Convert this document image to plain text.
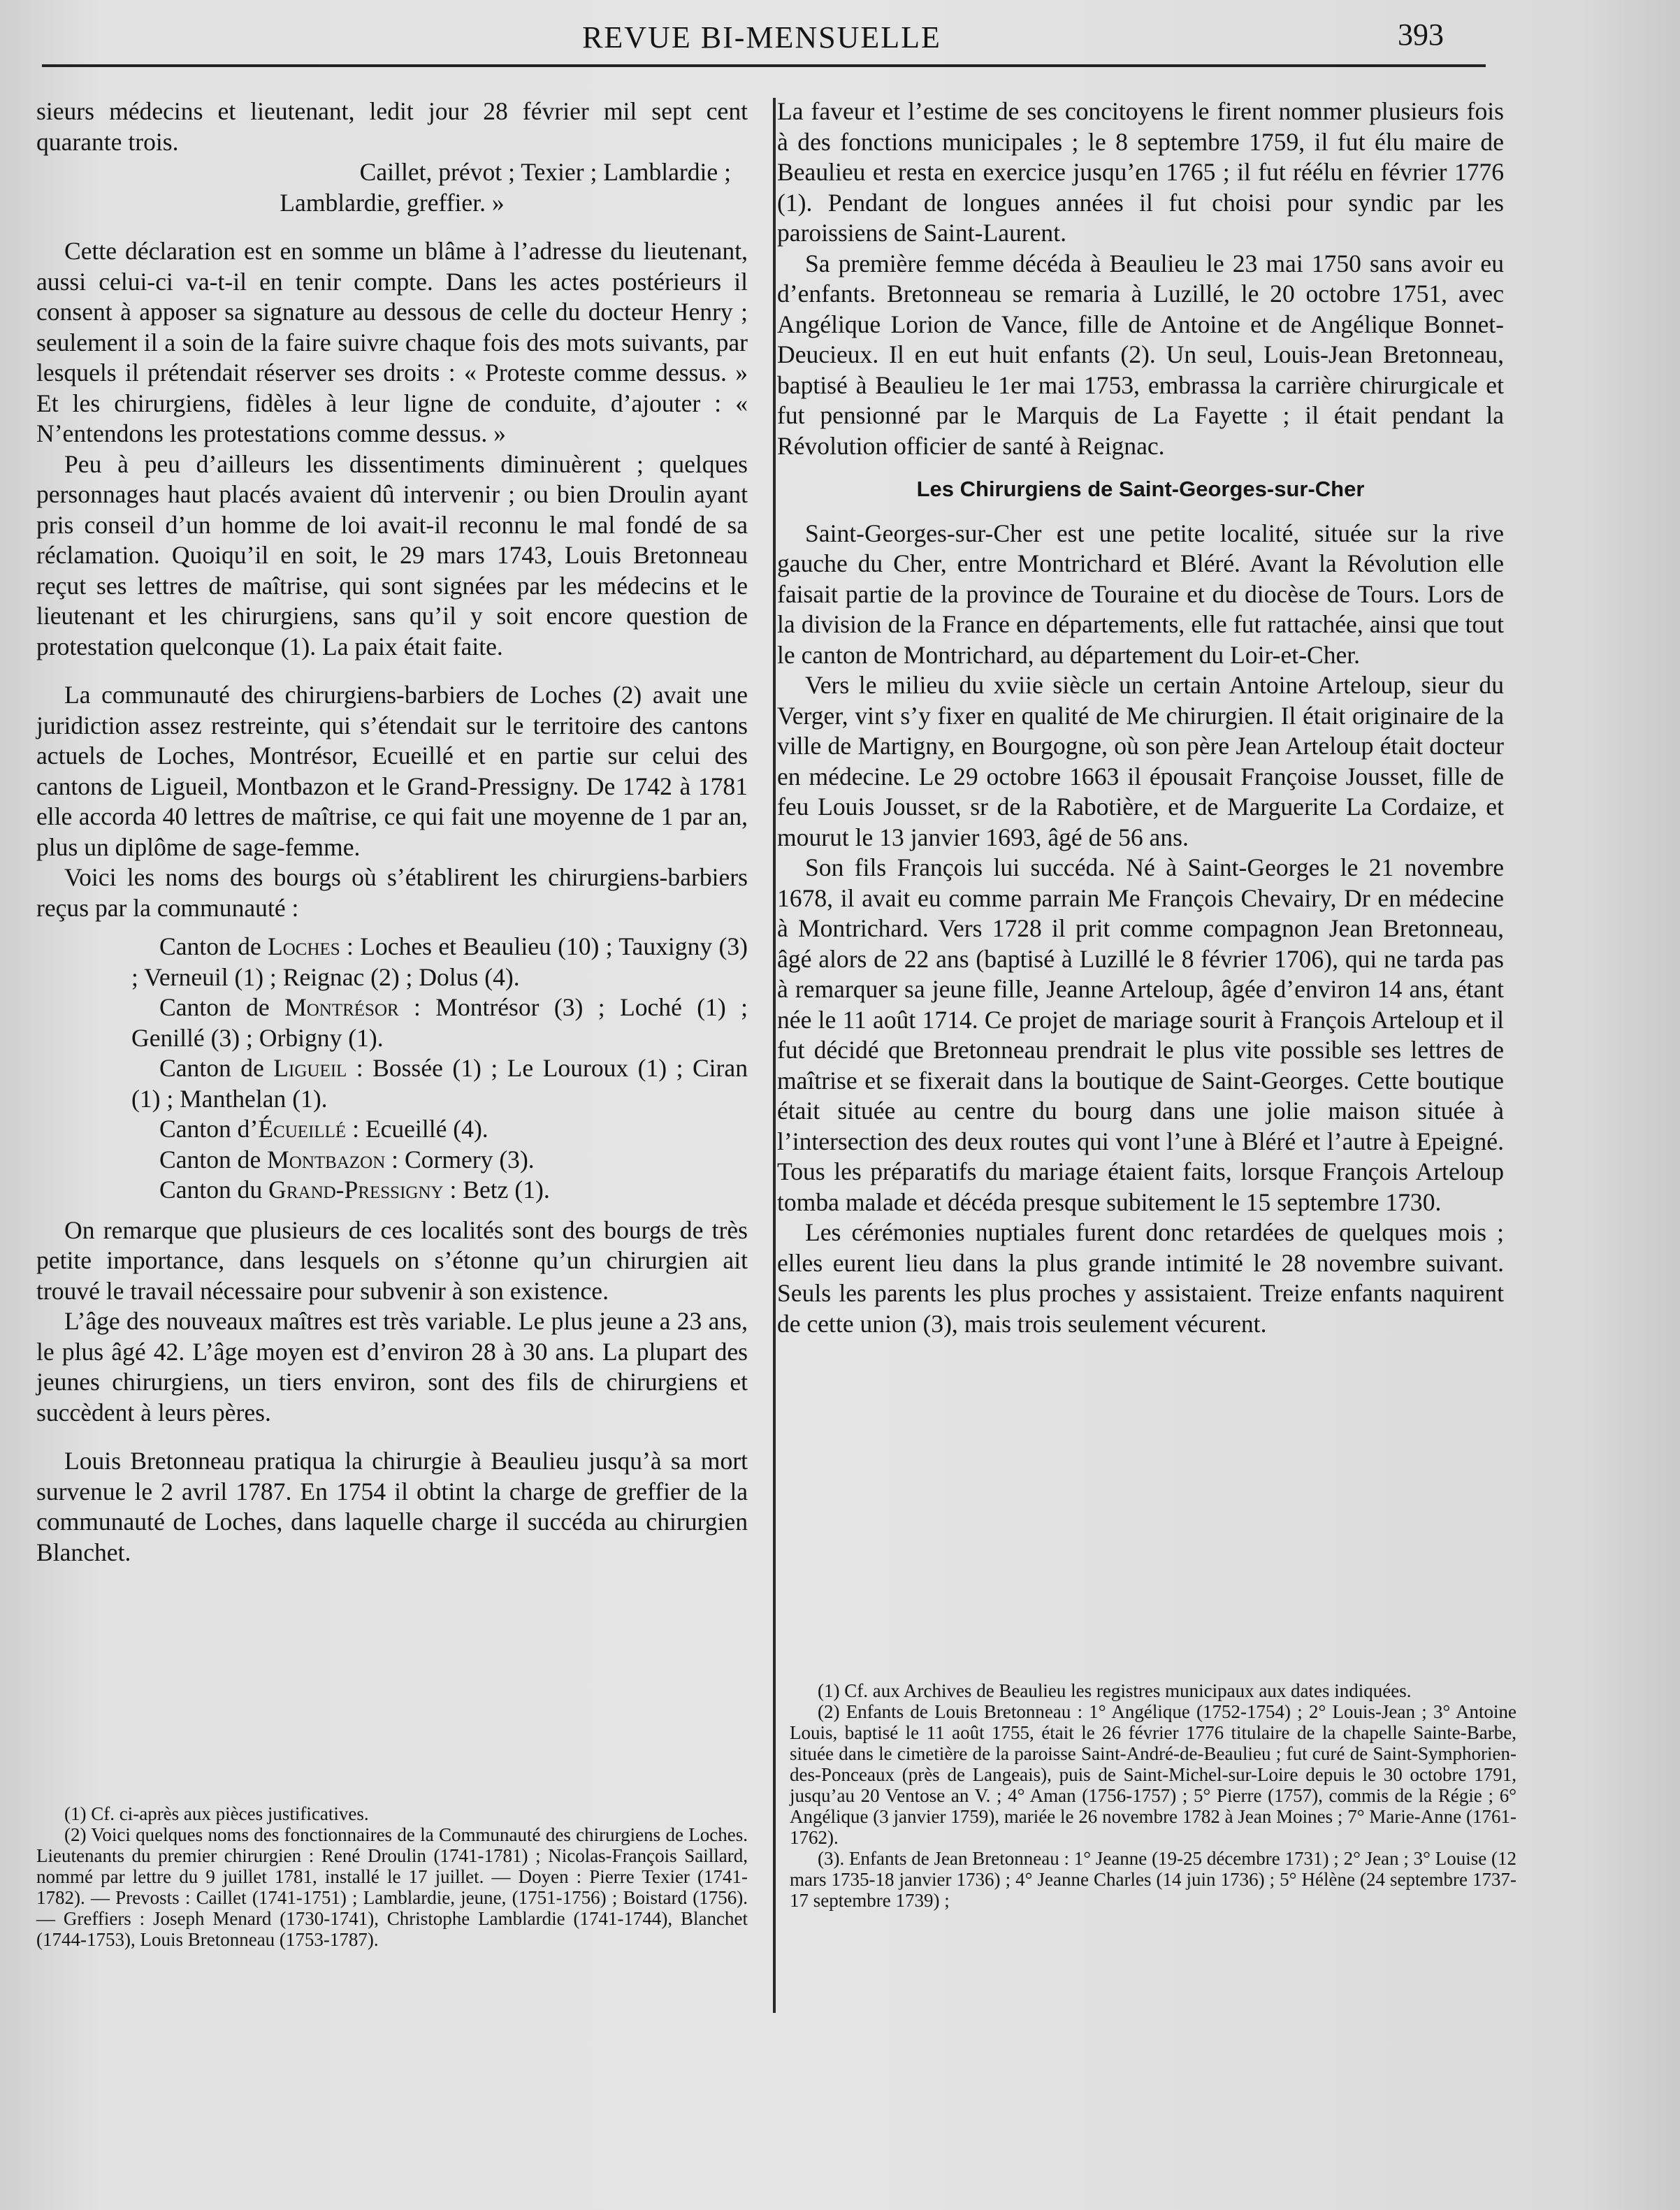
REVUE BI-MENSUELLE	393

sieurs médecins et lieutenant, ledit jour 28 février mil sept cent quarante trois.

Caillet, prévot ; Texier ; Lamblardie ;

Lamblardie, greffier. »

Cette déclaration est en somme un blâme à l’adresse du lieutenant, aussi celui-ci va-t-il en tenir compte. Dans les actes postérieurs il consent à apposer sa signature au dessous de celle du docteur Henry ; seulement il a soin de la faire suivre chaque fois des mots suivants, par lesquels il prétendait réserver ses droits : « Proteste comme dessus. » Et les chirurgiens, fidèles à leur ligne de conduite, d’ajouter : « N’entendons les protestations comme dessus. »

Peu à peu d’ailleurs les dissentiments diminuèrent ; quelques personnages haut placés avaient dû intervenir ; ou bien Droulin ayant pris conseil d’un homme de loi avait-il reconnu le mal fondé de sa réclamation. Quoiqu’il en soit, le 29 mars 1743, Louis Bretonneau reçut ses lettres de maîtrise, qui sont signées par les médecins et le lieutenant et les chirurgiens, sans qu’il y soit encore question de protestation quelconque (1). La paix était faite.

La communauté des chirurgiens-barbiers de Loches (2) avait une juridiction assez restreinte, qui s’étendait sur le territoire des cantons actuels de Loches, Montrésor, Ecueillé et en partie sur celui des cantons de Ligueil, Montbazon et le Grand-Pressigny. De 1742 à 1781 elle accorda 40 lettres de maîtrise, ce qui fait une moyenne de 1 par an, plus un diplôme de sage-femme.

Voici les noms des bourgs où s’établirent les chirurgiens-barbiers reçus par la communauté :

Canton de Loches : Loches et Beaulieu (10) ; Tauxigny (3) ; Verneuil (1) ; Reignac (2) ; Dolus (4).

Canton de Montrésor : Montrésor (3) ; Loché (1) ; Genillé (3) ; Orbigny (1).

Canton de Ligueil : Bossée (1) ; Le Louroux (1) ; Ciran (1) ; Manthelan (1).

Canton d’Écueillé : Ecueillé (4).

Canton de Montbazon : Cormery (3).

Canton du Grand-Pressigny : Betz (1).

On remarque que plusieurs de ces localités sont des bourgs de très petite importance, dans lesquels on s’étonne qu’un chirurgien ait trouvé le travail nécessaire pour subvenir à son existence.

L’âge des nouveaux maîtres est très variable. Le plus jeune a 23 ans, le plus âgé 42. L’âge moyen est d’environ 28 à 30 ans. La plupart des jeunes chirurgiens, un tiers environ, sont des fils de chirurgiens et succèdent à leurs pères.

Louis Bretonneau pratiqua la chirurgie à Beaulieu jusqu’à sa mort survenue le 2 avril 1787. En 1754 il obtint la charge de greffier de la communauté de Loches, dans laquelle charge il succéda au chirurgien Blanchet.

(1) Cf. ci-après aux pièces justificatives.

(2) Voici quelques noms des fonctionnaires de la Communauté des chirurgiens de Loches. Lieutenants du premier chirurgien : René Droulin (1741-1781) ; Nicolas-François Saillard, nommé par lettre du 9 juillet 1781, installé le 17 juillet. — Doyen : Pierre Texier (1741-1782). — Prevosts : Caillet (1741-1751) ; Lamblardie, jeune, (1751-1756) ; Boistard (1756). — Greffiers : Joseph Menard (1730-1741), Christophe Lamblardie (1741-1744), Blanchet (1744-1753), Louis Bretonneau (1753-1787).

La faveur et l’estime de ses concitoyens le firent nommer plusieurs fois à des fonctions municipales ; le 8 septembre 1759, il fut élu maire de Beaulieu et resta en exercice jusqu’en 1765 ; il fut réélu en février 1776 (1). Pendant de longues années il fut choisi pour syndic par les paroissiens de Saint-Laurent.

Sa première femme décéda à Beaulieu le 23 mai 1750 sans avoir eu d’enfants. Bretonneau se remaria à Luzillé, le 20 octobre 1751, avec Angélique Lorion de Vance, fille de Antoine et de Angélique Bonnet-Deucieux. Il en eut huit enfants (2). Un seul, Louis-Jean Bretonneau, baptisé à Beaulieu le 1er mai 1753, embrassa la carrière chirurgicale et fut pensionné par le Marquis de La Fayette ; il était pendant la Révolution officier de santé à Reignac.

Les Chirurgiens de Saint-Georges-sur-Cher

Saint-Georges-sur-Cher est une petite localité, située sur la rive gauche du Cher, entre Montrichard et Bléré. Avant la Révolution elle faisait partie de la province de Touraine et du diocèse de Tours. Lors de la division de la France en départements, elle fut rattachée, ainsi que tout le canton de Montrichard, au département du Loir-et-Cher.

Vers le milieu du xviie siècle un certain Antoine Arteloup, sieur du Verger, vint s’y fixer en qualité de Me chirurgien. Il était originaire de la ville de Martigny, en Bourgogne, où son père Jean Arteloup était docteur en médecine. Le 29 octobre 1663 il épousait Françoise Jousset, fille de feu Louis Jousset, sr de la Rabotière, et de Marguerite La Cordaize, et mourut le 13 janvier 1693, âgé de 56 ans.

Son fils François lui succéda. Né à Saint-Georges le 21 novembre 1678, il avait eu comme parrain Me François Chevairy, Dr en médecine à Montrichard. Vers 1728 il prit comme compagnon Jean Bretonneau, âgé alors de 22 ans (baptisé à Luzillé le 8 février 1706), qui ne tarda pas à remarquer sa jeune fille, Jeanne Arteloup, âgée d’environ 14 ans, étant née le 11 août 1714. Ce projet de mariage sourit à François Arteloup et il fut décidé que Bretonneau prendrait le plus vite possible ses lettres de maîtrise et se fixerait dans la boutique de Saint-Georges. Cette boutique était située au centre du bourg dans une jolie maison située à l’intersection des deux routes qui vont l’une à Bléré et l’autre à Epeigné. Tous les préparatifs du mariage étaient faits, lorsque François Arteloup tomba malade et décéda presque subitement le 15 septembre 1730.

Les cérémonies nuptiales furent donc retardées de quelques mois ; elles eurent lieu dans la plus grande intimité le 28 novembre suivant. Seuls les parents les plus proches y assistaient. Treize enfants naquirent de cette union (3), mais trois seulement vécurent.

(1) Cf. aux Archives de Beaulieu les registres municipaux aux dates indiquées.

(2) Enfants de Louis Bretonneau : 1° Angélique (1752-1754) ; 2° Louis-Jean ; 3° Antoine Louis, baptisé le 11 août 1755, était le 26 février 1776 titulaire de la chapelle Sainte-Barbe, située dans le cimetière de la paroisse Saint-André-de-Beaulieu ; fut curé de Saint-Symphorien-des-Ponceaux (près de Langeais), puis de Saint-Michel-sur-Loire depuis le 30 octobre 1791, jusqu’au 20 Ventose an V. ; 4° Aman (1756-1757) ; 5° Pierre (1757), commis de la Régie ; 6° Angélique (3 janvier 1759), mariée le 26 novembre 1782 à Jean Moines ; 7° Marie-Anne (1761-1762).

(3). Enfants de Jean Bretonneau : 1° Jeanne (19-25 décembre 1731) ; 2° Jean ; 3° Louise (12 mars 1735-18 janvier 1736) ; 4° Jeanne Charles (14 juin 1736) ; 5° Hélène (24 septembre 1737-17 septembre 1739) ;
